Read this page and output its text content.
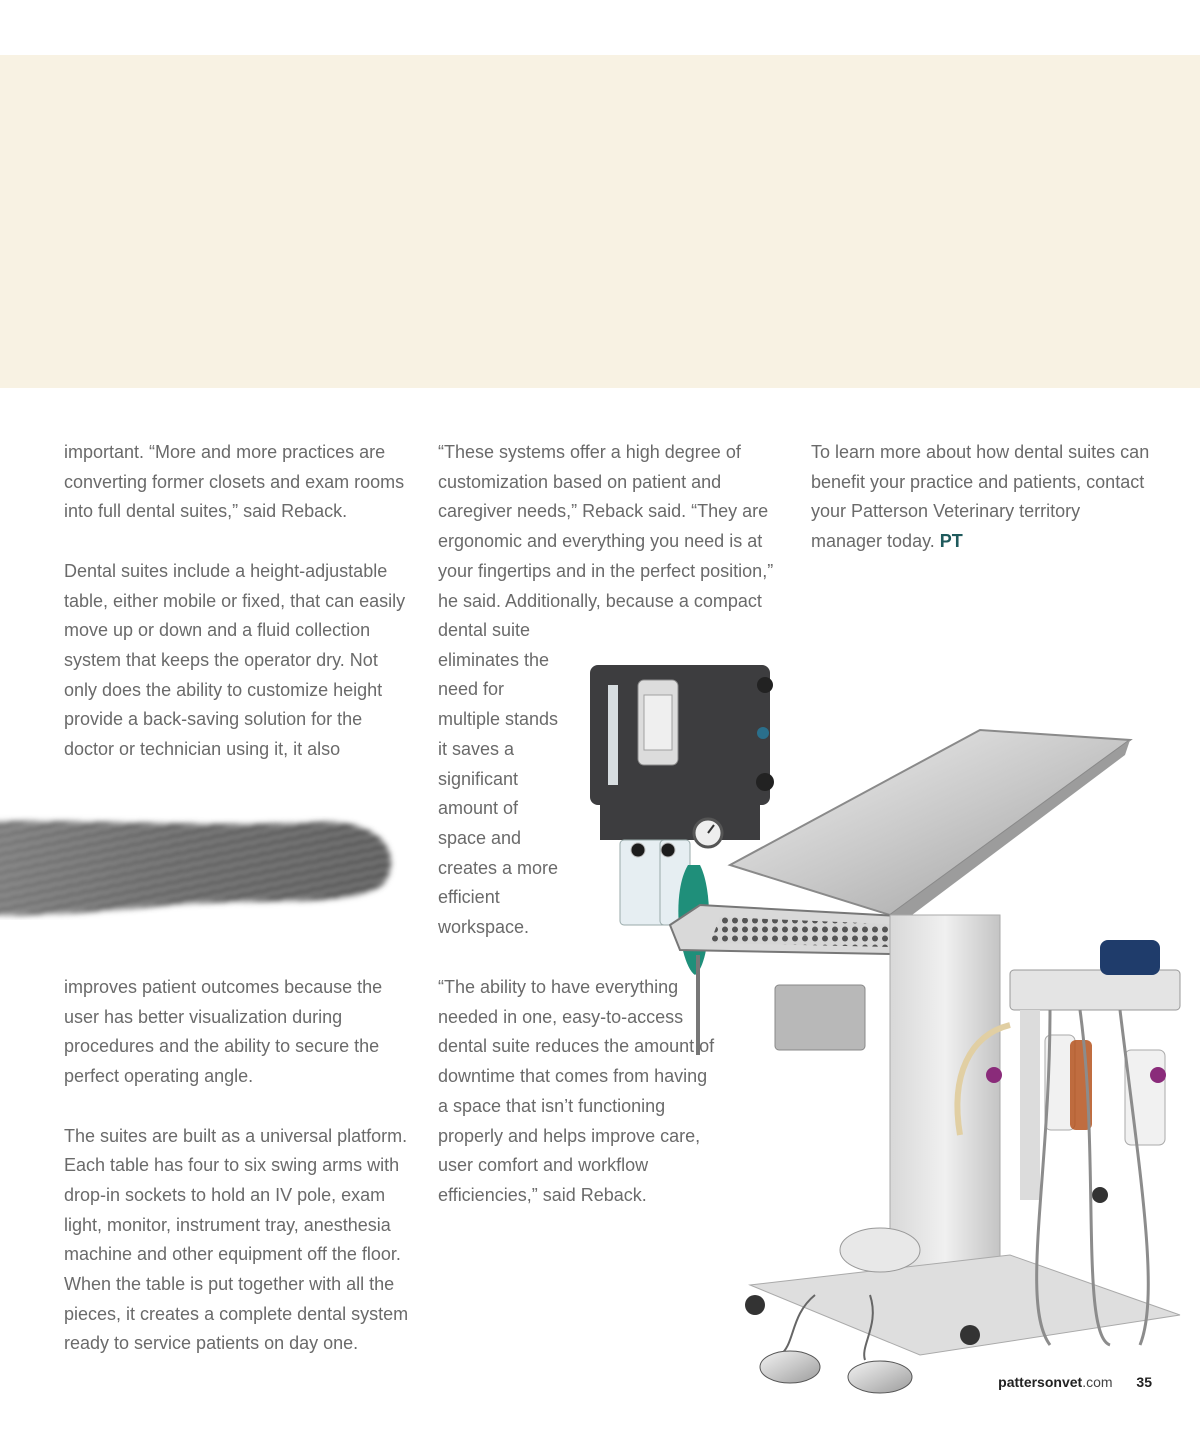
important. “More and more practices are converting former closets and exam rooms into full dental suites,” said Reback.

Dental suites include a height-adjustable table, either mobile or fixed, that can easily move up or down and a fluid collection system that keeps the operator dry. Not only does the ability to customize height provide a back-saving solution for the doctor or technician using it, it also

improves patient outcomes because the user has better visualization during procedures and the ability to secure the perfect operating angle.

The suites are built as a universal platform. Each table has four to six swing arms with drop-in sockets to hold an IV pole, exam light, monitor, instrument tray, anesthesia machine and other equipment off the floor. When the table is put together with all the pieces, it creates a complete dental system ready to service patients on day one.

“These systems offer a high degree of customization based on patient and caregiver needs,” Reback said. “They are ergonomic and everything you need is at your fingertips and in the perfect position,” he said. Additionally, because a compact

dental suite eliminates the need for multiple stands it saves a significant amount of space and creates a more efficient workspace.

“The ability to have everything needed in one, easy-to-access dental suite reduces the amount of downtime that comes from having a space that isn’t functioning properly and helps improve care, user comfort and workflow efficiencies,” said Reback.

To learn more about how dental suites can benefit your practice and patients, contact your Patterson Veterinary territory manager today. PT

pattersonvet.com 35
